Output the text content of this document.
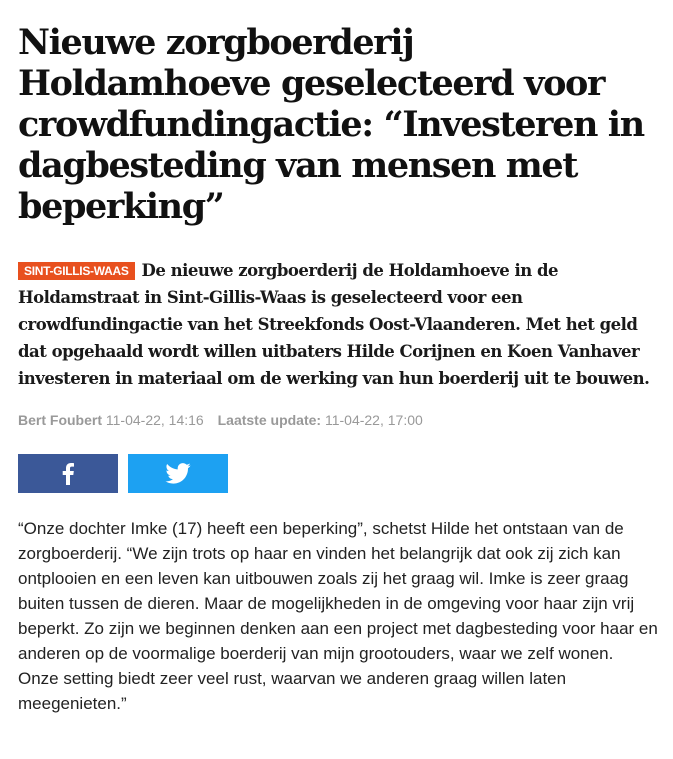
Nieuwe zorgboerderij Holdamhoeve geselecteerd voor crowdfundingactie: “Investeren in dagbesteding van mensen met beperking”

SINT-GILLIS-WAAS De nieuwe zorgboerderij de Holdamhoeve in de Holdamstraat in Sint-Gillis-Waas is geselecteerd voor een crowdfundingactie van het Streekfonds Oost-Vlaanderen. Met het geld dat opgehaald wordt willen uitbaters Hilde Corijnen en Koen Vanhaver investeren in materiaal om de werking van hun boerderij uit te bouwen.

Bert Foubert 11-04-22, 14:16 Laatste update: 11-04-22, 17:00

“Onze dochter Imke (17) heeft een beperking”, schetst Hilde het ontstaan van de zorgboerderij. “We zijn trots op haar en vinden het belangrijk dat ook zij zich kan ontplooien en een leven kan uitbouwen zoals zij het graag wil. Imke is zeer graag buiten tussen de dieren. Maar de mogelijkheden in de omgeving voor haar zijn vrij beperkt. Zo zijn we beginnen denken aan een project met dagbesteding voor haar en anderen op de voormalige boerderij van mijn grootouders, waar we zelf wonen. Onze setting biedt zeer veel rust, waarvan we anderen graag willen laten meegenieten.”
